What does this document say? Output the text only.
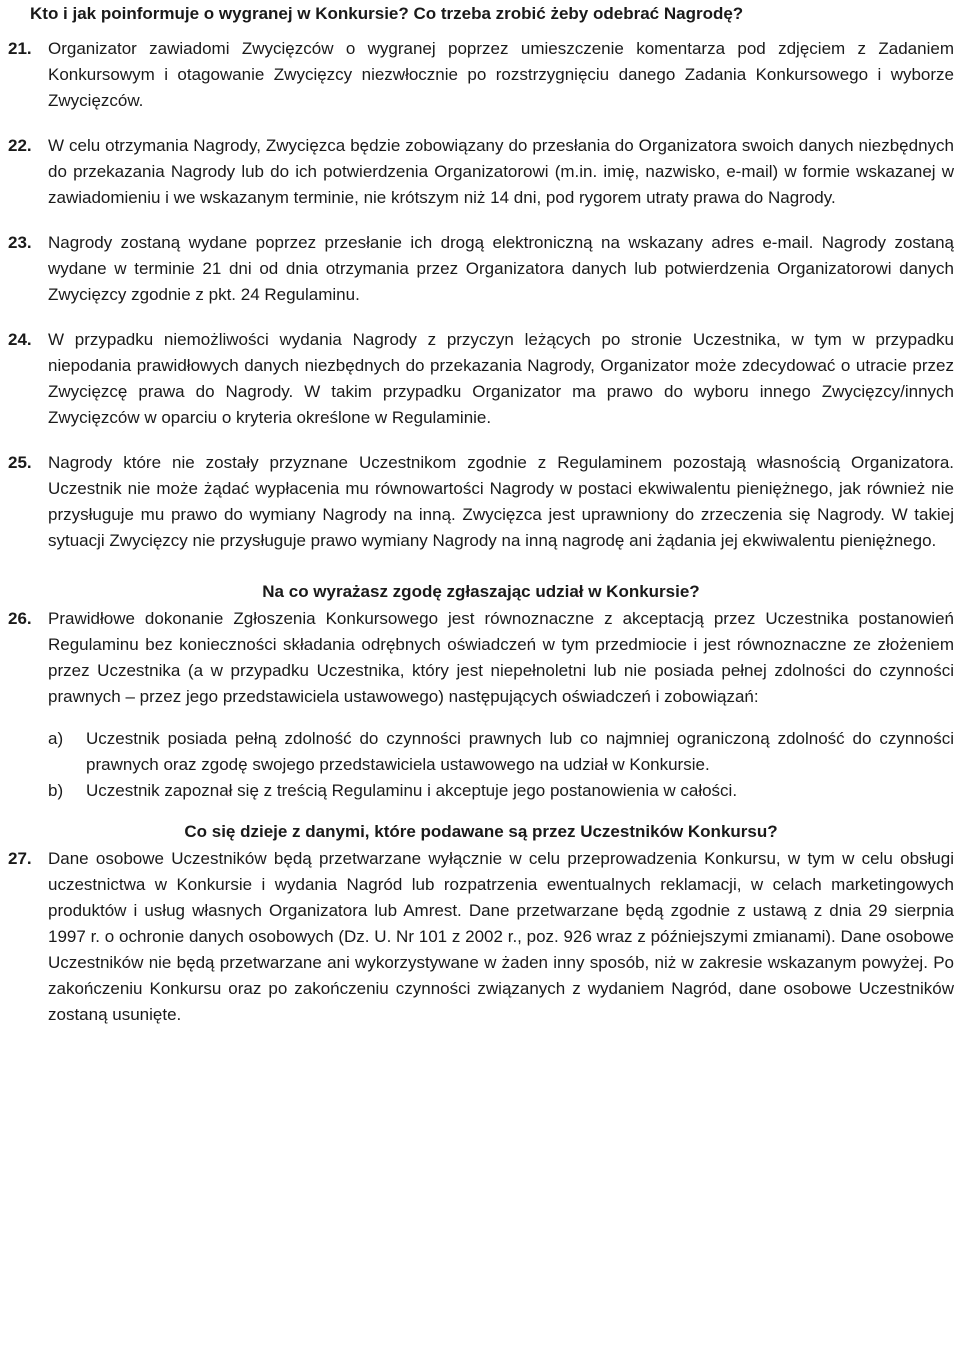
Kto i jak poinformuje o wygranej w Konkursie? Co trzeba zrobić żeby odebrać Nagrodę?
21. Organizator zawiadomi Zwycięzców o wygranej poprzez umieszczenie komentarza pod zdjęciem z Zadaniem Konkursowym i otagowanie Zwycięzcy niezwłocznie po rozstrzygnięciu danego Zadania Konkursowego i wyborze Zwycięzców.
22. W celu otrzymania Nagrody, Zwycięzca będzie zobowiązany do przesłania do Organizatora swoich danych niezbędnych do przekazania Nagrody lub do ich potwierdzenia Organizatorowi (m.in. imię, nazwisko, e-mail) w formie wskazanej w zawiadomieniu i we wskazanym terminie, nie krótszym niż 14 dni, pod rygorem utraty prawa do Nagrody.
23. Nagrody zostaną wydane poprzez przesłanie ich drogą elektroniczną na wskazany adres e-mail. Nagrody zostaną wydane w terminie 21 dni od dnia otrzymania przez Organizatora danych lub potwierdzenia Organizatorowi danych Zwycięzcy zgodnie z pkt. 24 Regulaminu.
24. W przypadku niemożliwości wydania Nagrody z przyczyn leżących po stronie Uczestnika, w tym w przypadku niepodania prawidłowych danych niezbędnych do przekazania Nagrody, Organizator może zdecydować o utracie przez Zwycięzcę prawa do Nagrody. W takim przypadku Organizator ma prawo do wyboru innego Zwycięzcy/innych Zwycięzców w oparciu o kryteria określone w Regulaminie.
25. Nagrody które nie zostały przyznane Uczestnikom zgodnie z Regulaminem pozostają własnością Organizatora. Uczestnik nie może żądać wypłacenia mu równowartości Nagrody w postaci ekwiwalentu pieniężnego, jak również nie przysługuje mu prawo do wymiany Nagrody na inną. Zwycięzca jest uprawniony do zrzeczenia się Nagrody. W takiej sytuacji Zwycięzcy nie przysługuje prawo wymiany Nagrody na inną nagrodę ani żądania jej ekwiwalentu pieniężnego.
Na co wyrażasz zgodę zgłaszając udział w Konkursie?
26. Prawidłowe dokonanie Zgłoszenia Konkursowego jest równoznaczne z akceptacją przez Uczestnika postanowień Regulaminu bez konieczności składania odrębnych oświadczeń w tym przedmiocie i jest równoznaczne ze złożeniem przez Uczestnika (a w przypadku Uczestnika, który jest niepełnoletni lub nie posiada pełnej zdolności do czynności prawnych – przez jego przedstawiciela ustawowego) następujących oświadczeń i zobowiązań:
a)	Uczestnik posiada pełną zdolność do czynności prawnych lub co najmniej ograniczoną zdolność do czynności prawnych oraz zgodę swojego przedstawiciela ustawowego na udział w Konkursie.
b)	Uczestnik zapoznał się z treścią Regulaminu i akceptuje jego postanowienia w całości.
Co się dzieje z danymi, które podawane są przez Uczestników Konkursu?
27. Dane osobowe Uczestników będą przetwarzane wyłącznie w celu przeprowadzenia Konkursu, w tym w celu obsługi uczestnictwa w Konkursie i wydania Nagród lub rozpatrzenia ewentualnych reklamacji, w celach marketingowych produktów i usług własnych Organizatora lub Amrest. Dane przetwarzane będą zgodnie z ustawą z dnia 29 sierpnia 1997 r. o ochronie danych osobowych (Dz. U. Nr 101 z 2002 r., poz. 926 wraz z późniejszymi zmianami). Dane osobowe Uczestników nie będą przetwarzane ani wykorzystywane w żaden inny sposób, niż w zakresie wskazanym powyżej. Po zakończeniu Konkursu oraz po zakończeniu czynności związanych z wydaniem Nagród, dane osobowe Uczestników zostaną usunięte.
